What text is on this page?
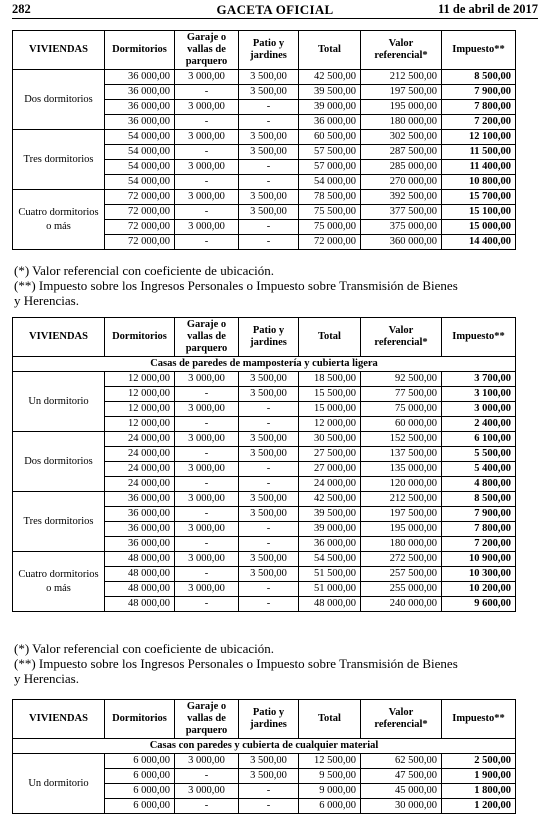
282	GACETA OFICIAL	11 de abril de 2017
VIVIENDAS	Dormitorios	Garaje o vallas de parquero	Patio y jardines	Total	Valor referencial*	Impuesto**
Dos dormitorios	36 000,00	3 000,00	3 500,00	42 500,00	212 500,00	8 500,00
	36 000,00	-	3 500,00	39 500,00	197 500,00	7 900,00
	36 000,00	3 000,00	-	39 000,00	195 000,00	7 800,00
	36 000,00	-	-	36 000,00	180 000,00	7 200,00
Tres dormitorios	54 000,00	3 000,00	3 500,00	60 500,00	302 500,00	12 100,00
	54 000,00	-	3 500,00	57 500,00	287 500,00	11 500,00
	54 000,00	3 000,00	-	57 000,00	285 000,00	11 400,00
	54 000,00	-	-	54 000,00	270 000,00	10 800,00
Cuatro dormitorios o más	72 000,00	3 000,00	3 500,00	78 500,00	392 500,00	15 700,00
	72 000,00	-	3 500,00	75 500,00	377 500,00	15 100,00
	72 000,00	3 000,00	-	75 000,00	375 000,00	15 000,00
	72 000,00	-	-	72 000,00	360 000,00	14 400,00
(*) Valor referencial con coeficiente de ubicación.
(**) Impuesto sobre los Ingresos Personales o Impuesto sobre Transmisión de Bienes
y Herencias.
VIVIENDAS	Dormitorios	Garaje o vallas de parquero	Patio y jardines	Total	Valor referencial*	Impuesto**
Casas de paredes de mampostería y cubierta ligera						
Un dormitorio	12 000,00	3 000,00	3 500,00	18 500,00	92 500,00	3 700,00
	12 000,00	-	3 500,00	15 500,00	77 500,00	3 100,00
	12 000,00	3 000,00	-	15 000,00	75 000,00	3 000,00
	12 000,00	-	-	12 000,00	60 000,00	2 400,00
Dos dormitorios	24 000,00	3 000,00	3 500,00	30 500,00	152 500,00	6 100,00
	24 000,00	-	3 500,00	27 500,00	137 500,00	5 500,00
	24 000,00	3 000,00	-	27 000,00	135 000,00	5 400,00
	24 000,00	-	-	24 000,00	120 000,00	4 800,00
Tres dormitorios	36 000,00	3 000,00	3 500,00	42 500,00	212 500,00	8 500,00
	36 000,00	-	3 500,00	39 500,00	197 500,00	7 900,00
	36 000,00	3 000,00	-	39 000,00	195 000,00	7 800,00
	36 000,00	-	-	36 000,00	180 000,00	7 200,00
Cuatro dormitorios o más	48 000,00	3 000,00	3 500,00	54 500,00	272 500,00	10 900,00
	48 000,00	-	3 500,00	51 500,00	257 500,00	10 300,00
	48 000,00	3 000,00	-	51 000,00	255 000,00	10 200,00
	48 000,00	-	-	48 000,00	240 000,00	9 600,00
(*) Valor referencial con coeficiente de ubicación.
(**) Impuesto sobre los Ingresos Personales o Impuesto sobre Transmisión de Bienes
y Herencias.
VIVIENDAS	Dormitorios	Garaje o vallas de parquero	Patio y jardines	Total	Valor referencial*	Impuesto**
Casas con paredes y cubierta de cualquier material						
Un dormitorio	6 000,00	3 000,00	3 500,00	12 500,00	62 500,00	2 500,00
	6 000,00	-	3 500,00	9 500,00	47 500,00	1 900,00
	6 000,00	3 000,00	-	9 000,00	45 000,00	1 800,00
	6 000,00	-	-	6 000,00	30 000,00	1 200,00
